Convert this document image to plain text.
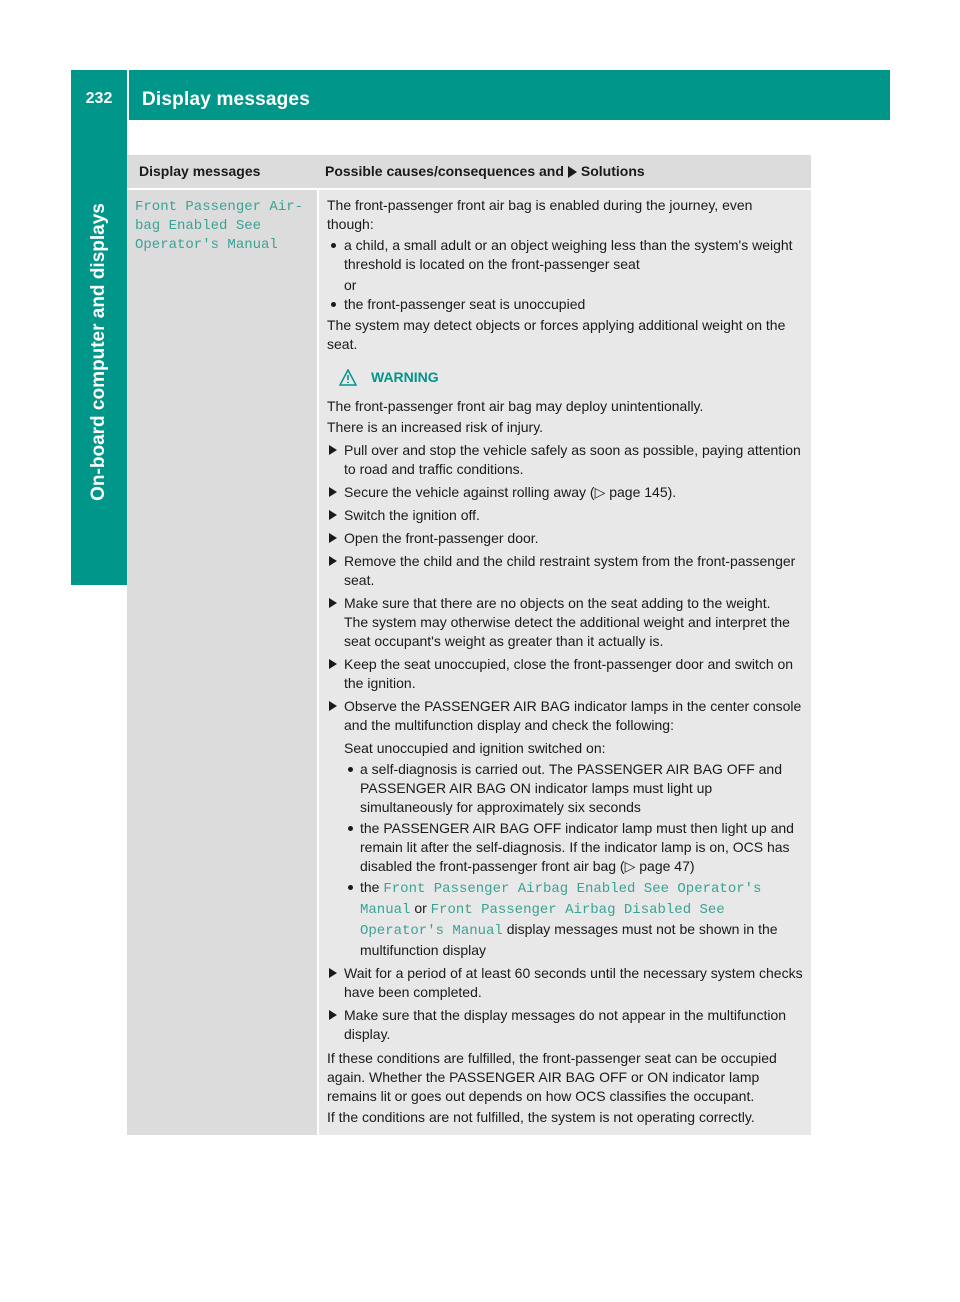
232	Display messages
On-board computer and displays
Display messages	Possible causes/consequences and Solutions
Front Passenger Air-
bag Enabled See
Operator's Manual
The front-passenger front air bag is enabled during the journey, even though:
a child, a small adult or an object weighing less than the system's weight threshold is located on the front-passenger seat
or
the front-passenger seat is unoccupied
The system may detect objects or forces applying additional weight on the seat.
WARNING
The front-passenger front air bag may deploy unintentionally.
There is an increased risk of injury.
Pull over and stop the vehicle safely as soon as possible, paying attention to road and traffic conditions.
Secure the vehicle against rolling away (▷ page 145).
Switch the ignition off.
Open the front-passenger door.
Remove the child and the child restraint system from the front-passenger seat.
Make sure that there are no objects on the seat adding to the weight.
The system may otherwise detect the additional weight and interpret the seat occupant's weight as greater than it actually is.
Keep the seat unoccupied, close the front-passenger door and switch on the ignition.
Observe the PASSENGER AIR BAG indicator lamps in the center console and the multifunction display and check the following:
Seat unoccupied and ignition switched on:
a self-diagnosis is carried out. The PASSENGER AIR BAG OFF and PASSENGER AIR BAG ON indicator lamps must light up simultaneously for approximately six seconds
the PASSENGER AIR BAG OFF indicator lamp must then light up and remain lit after the self-diagnosis. If the indicator lamp is on, OCS has disabled the front-passenger front air bag (▷ page 47)
the Front Passenger Airbag Enabled See Operator's Manual or Front Passenger Airbag Disabled See Operator's Manual display messages must not be shown in the multifunction display
Wait for a period of at least 60 seconds until the necessary system checks have been completed.
Make sure that the display messages do not appear in the multifunction display.
If these conditions are fulfilled, the front-passenger seat can be occupied again. Whether the PASSENGER AIR BAG OFF or ON indicator lamp remains lit or goes out depends on how OCS classifies the occupant.
If the conditions are not fulfilled, the system is not operating correctly.
